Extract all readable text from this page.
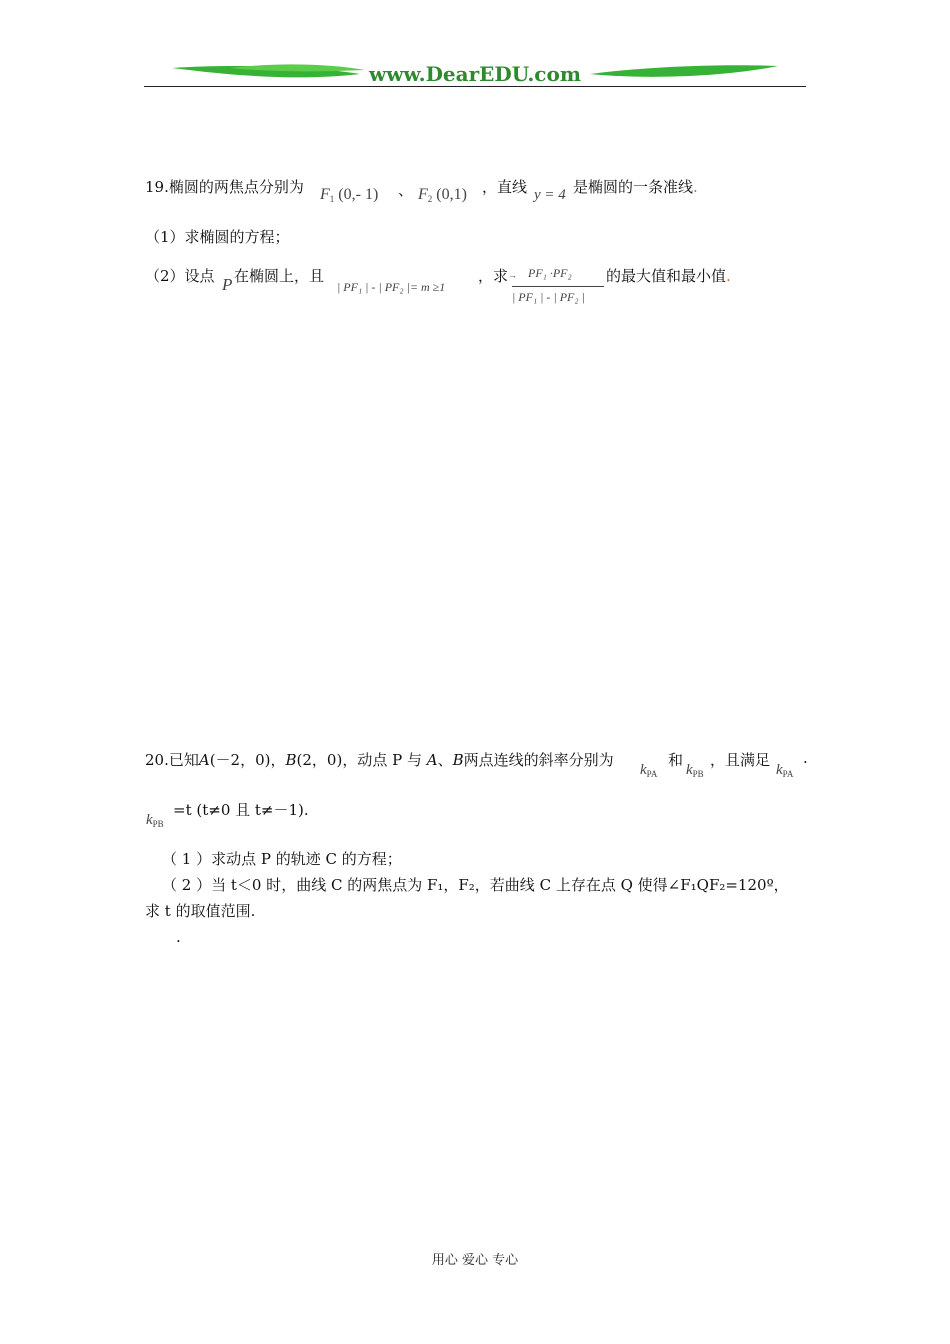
www.DearEDU.com
19.椭圆的两焦点分别为 $F_1$ (0,- 1) 、 $F_2$ (0,1) ，直线 y = 4 是椭圆的一条准线.
（1）求椭圆的方程；
（2）设点 P 在椭圆上，且
| PF₁ | - | PF₂ |= m ≥1
，求 → PF₁ ·PF₂
| PF₁ | - | PF₂ |
的最大值和最小值.
20.已知A(－2，0)，B(2，0)，动点 P 与 A、B两点连线的斜率分别为
$k_{PA}$
和
$k_{PB}$
，且满足
$k_{PA}$
·
$k_{PB}$
=t (t≠0 且 t≠－1).
（ 1 ）求动点 P 的轨迹 C 的方程；
（ 2 ）当 t＜0 时，曲线 C 的两焦点为 F₁，F₂，若曲线 C 上存在点 Q 使得∠F₁QF₂=120º，
求 t 的取值范围.
.
用心 爱心 专心
